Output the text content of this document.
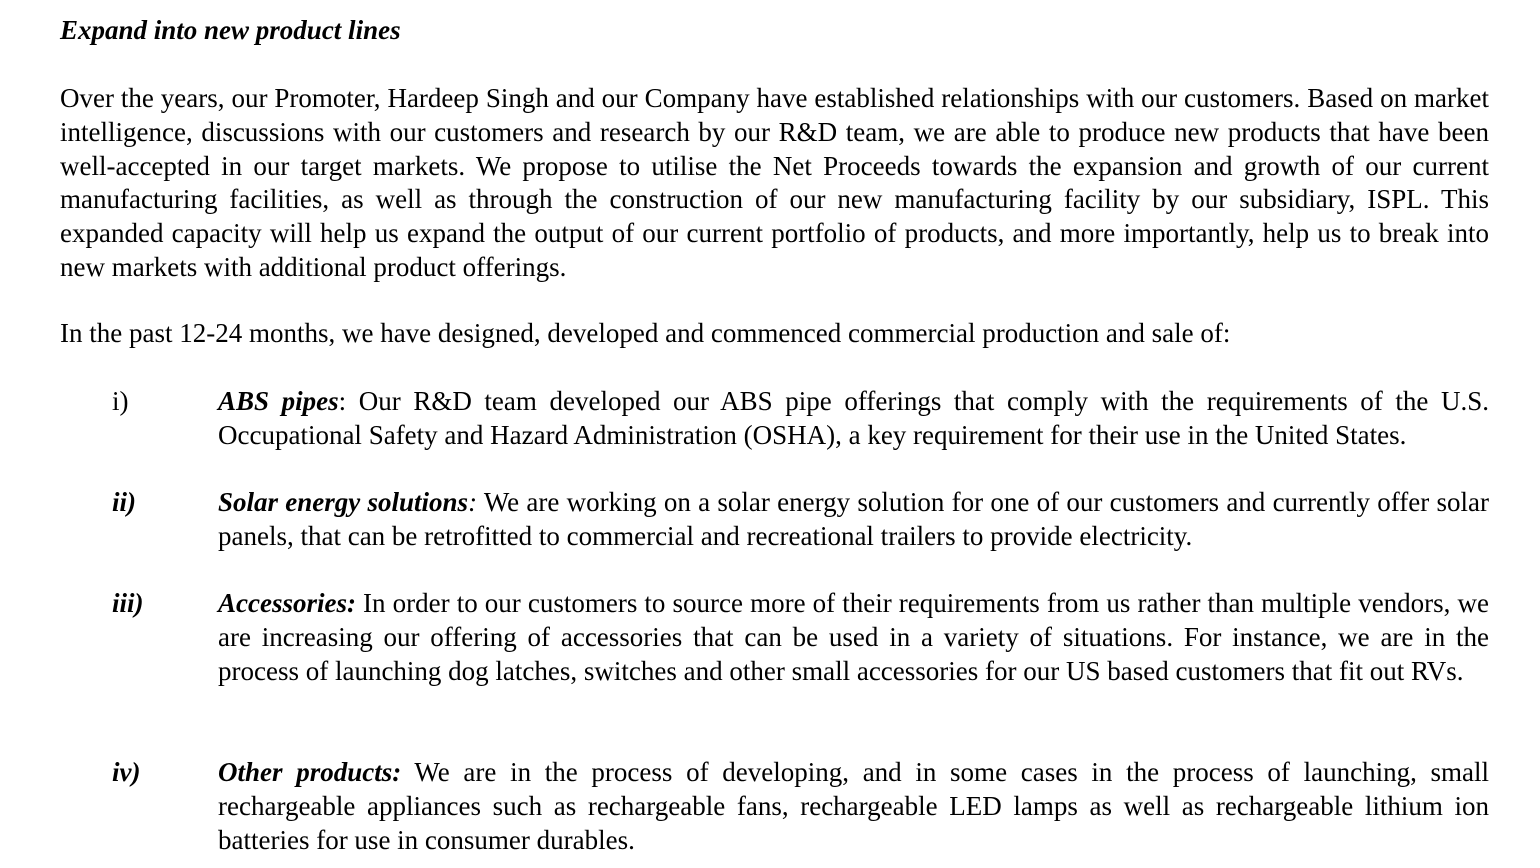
Expand into new product lines

Over the years, our Promoter, Hardeep Singh and our Company have established relationships with our customers. Based on market intelligence, discussions with our customers and research by our R&D team, we are able to produce new products that have been well-accepted in our target markets. We propose to utilise the Net Proceeds towards the expansion and growth of our current manufacturing facilities, as well as through the construction of our new manufacturing facility by our subsidiary, ISPL. This expanded capacity will help us expand the output of our current portfolio of products, and more importantly, help us to break into new markets with additional product offerings.

In the past 12-24 months, we have designed, developed and commenced commercial production and sale of:

i)	ABS pipes: Our R&D team developed our ABS pipe offerings that comply with the requirements of the U.S. Occupational Safety and Hazard Administration (OSHA), a key requirement for their use in the United States.

ii)	Solar energy solutions: We are working on a solar energy solution for one of our customers and currently offer solar panels, that can be retrofitted to commercial and recreational trailers to provide electricity.

iii)	Accessories: In order to our customers to source more of their requirements from us rather than multiple vendors, we are increasing our offering of accessories that can be used in a variety of situations. For instance, we are in the process of launching dog latches, switches and other small accessories for our US based customers that fit out RVs.

iv)	Other products: We are in the process of developing, and in some cases in the process of launching, small rechargeable appliances such as rechargeable fans, rechargeable LED lamps as well as rechargeable lithium ion batteries for use in consumer durables.
